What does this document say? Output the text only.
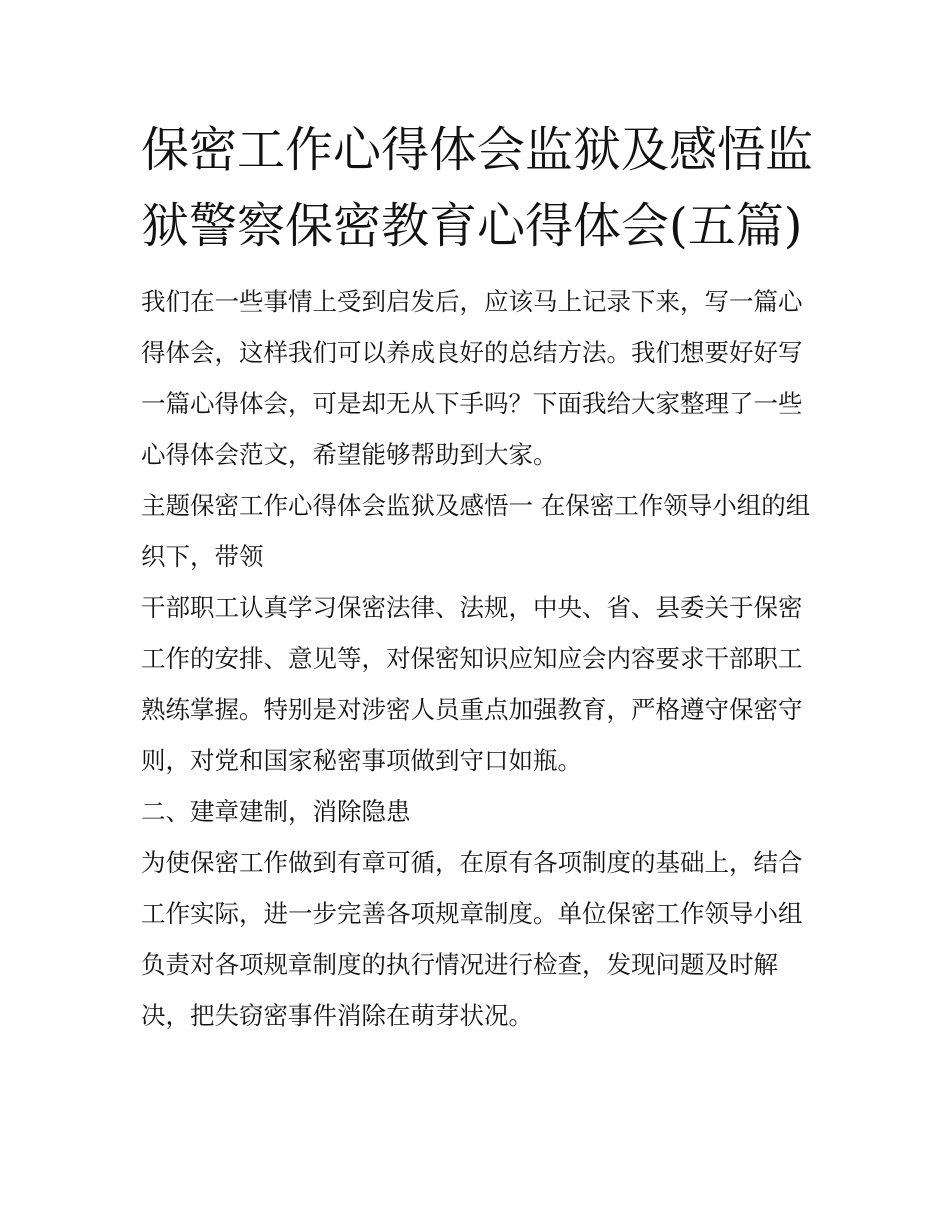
保密工作心得体会监狱及感悟监狱警察保密教育心得体会(五篇)

我们在一些事情上受到启发后，应该马上记录下来，写一篇心得体会，这样我们可以养成良好的总结方法。我们想要好好写一篇心得体会，可是却无从下手吗？下面我给大家整理了一些心得体会范文，希望能够帮助到大家。

主题保密工作心得体会监狱及感悟一 在保密工作领导小组的组织下，带领

干部职工认真学习保密法律、法规，中央、省、县委关于保密工作的安排、意见等，对保密知识应知应会内容要求干部职工熟练掌握。特别是对涉密人员重点加强教育，严格遵守保密守则，对党和国家秘密事项做到守口如瓶。

二、建章建制，消除隐患

为使保密工作做到有章可循，在原有各项制度的基础上，结合工作实际，进一步完善各项规章制度。单位保密工作领导小组负责对各项规章制度的执行情况进行检查，发现问题及时解决，把失窃密事件消除在萌芽状况。
